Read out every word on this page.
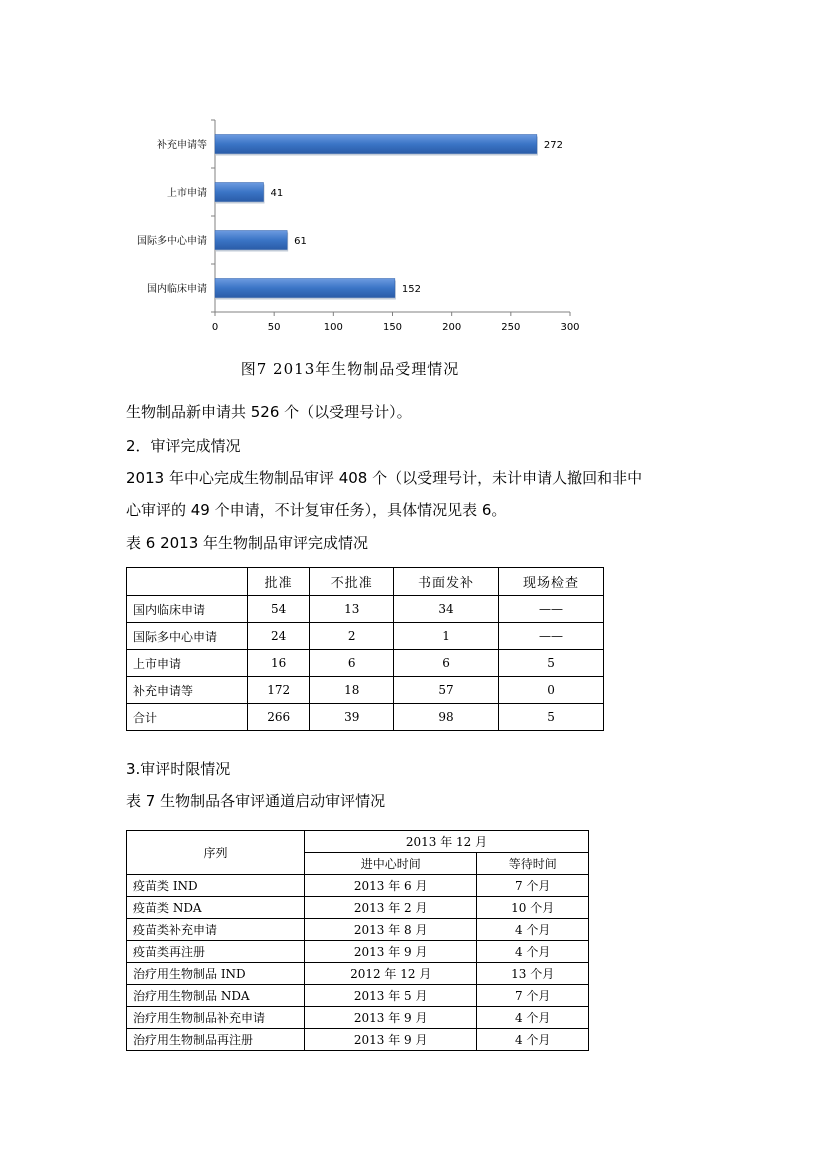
0	50	100	150	200	250	300
补充申请等	272
上市申请	41
国际多中心申请	61
国内临床申请	152
图7 2013年生物制品受理情况
生物制品新申请共 526 个（以受理号计）。
2．审评完成情况
2013 年中心完成生物制品审评 408 个（以受理号计，未计申请人撤回和非中
心审评的 49 个申请，不计复审任务），具体情况见表 6。
表 6 2013 年生物制品审评完成情况
	批准	不批准	书面发补	现场检查
国内临床申请	54	13	34	——
国际多中心申请	24	2	1	——
上市申请	16	6	6	5
补充申请等	172	18	57	0
合计	266	39	98	5
3.审评时限情况
表 7 生物制品各审评通道启动审评情况
序列	2013 年 12 月	
	进中心时间	等待时间
疫苗类 IND	2013 年 6 月	7 个月
疫苗类 NDA	2013 年 2 月	10 个月
疫苗类补充申请	2013 年 8 月	4 个月
疫苗类再注册	2013 年 9 月	4 个月
治疗用生物制品 IND	2012 年 12 月	13 个月
治疗用生物制品 NDA	2013 年 5 月	7 个月
治疗用生物制品补充申请	2013 年 9 月	4 个月
治疗用生物制品再注册	2013 年 9 月	4 个月
